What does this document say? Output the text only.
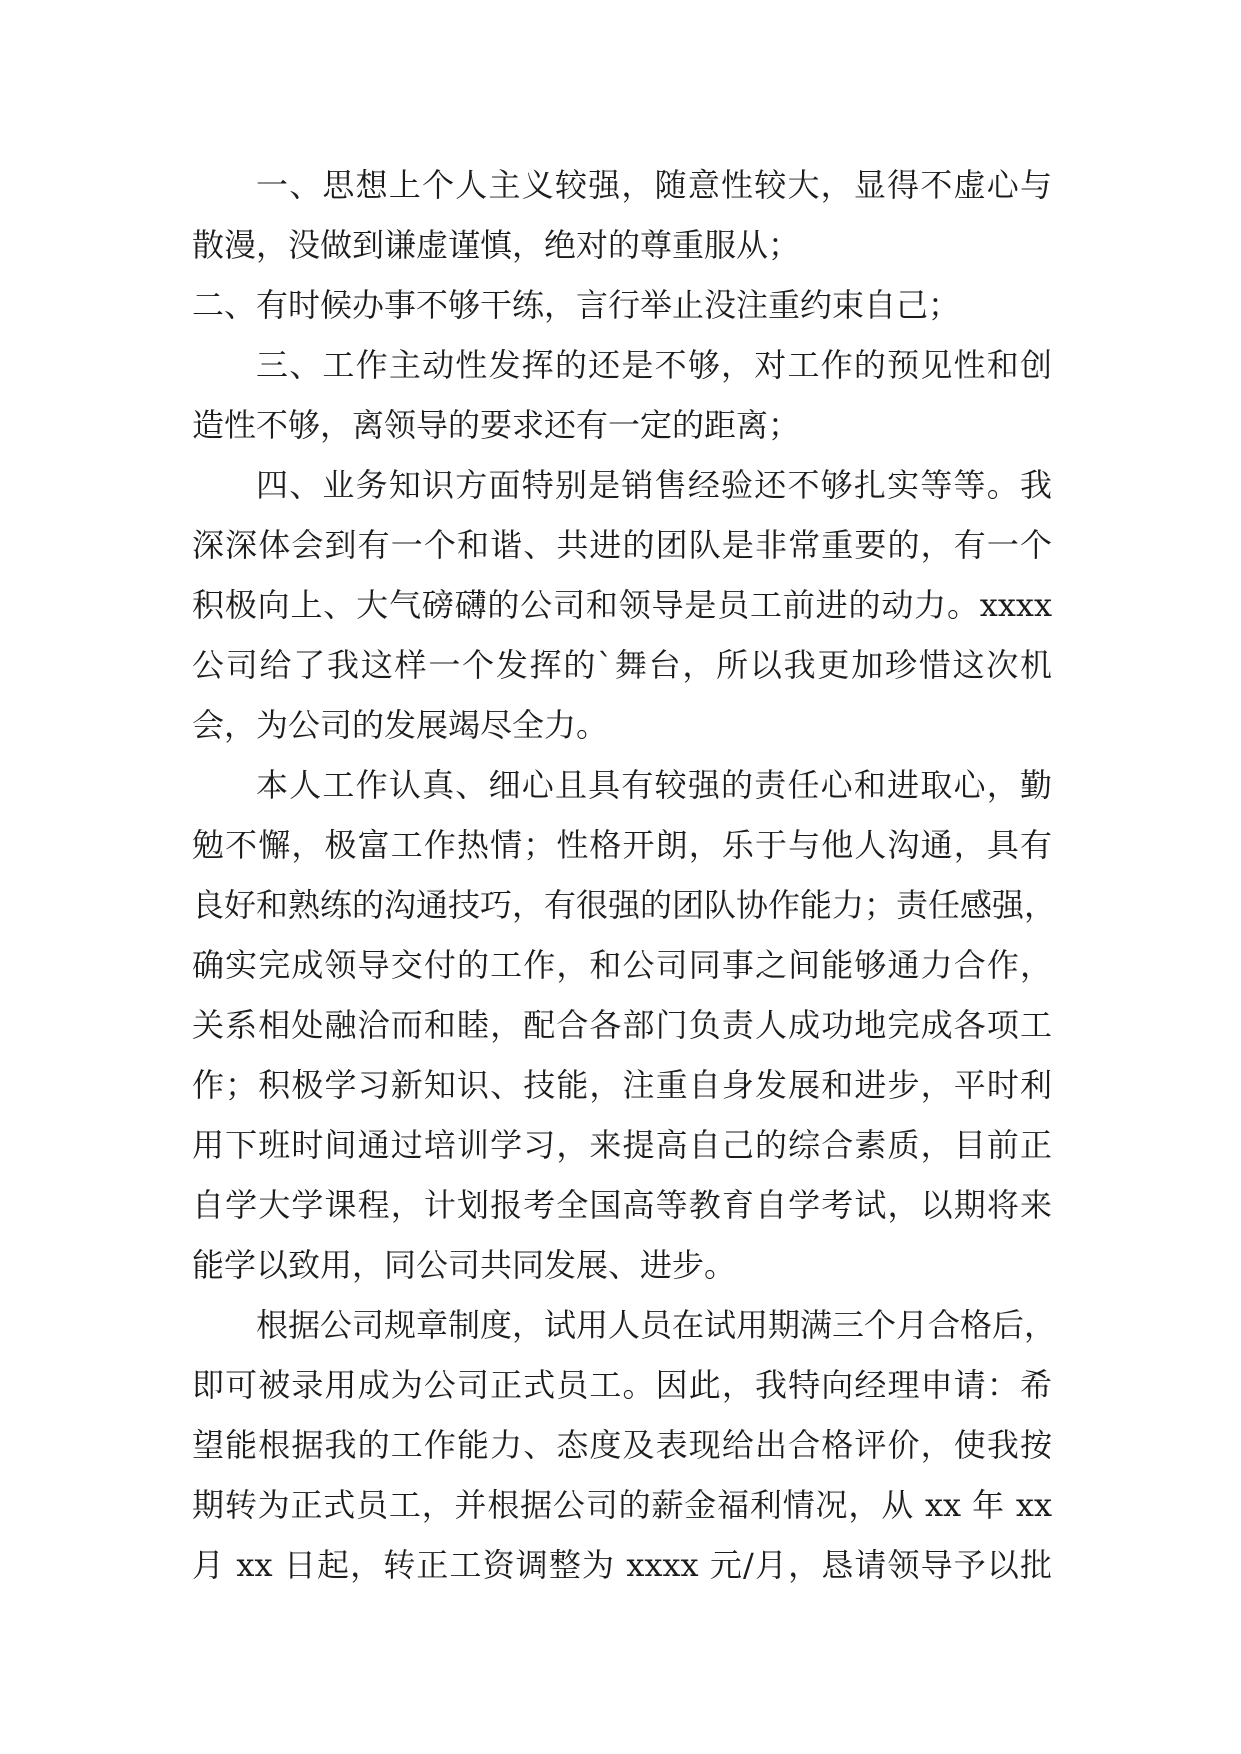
一、思想上个人主义较强，随意性较大，显得不虚心与
散漫，没做到谦虚谨慎，绝对的尊重服从；
二、有时候办事不够干练，言行举止没注重约束自己；
三、工作主动性发挥的还是不够，对工作的预见性和创
造性不够，离领导的要求还有一定的距离；
四、业务知识方面特别是销售经验还不够扎实等等。我
深深体会到有一个和谐、共进的团队是非常重要的，有一个
积极向上、大气磅礴的公司和领导是员工前进的动力。xxxx
公司给了我这样一个发挥的`舞台，所以我更加珍惜这次机
会，为公司的发展竭尽全力。
本人工作认真、细心且具有较强的责任心和进取心，勤
勉不懈，极富工作热情；性格开朗，乐于与他人沟通，具有
良好和熟练的沟通技巧，有很强的团队协作能力；责任感强，
确实完成领导交付的工作，和公司同事之间能够通力合作，
关系相处融洽而和睦，配合各部门负责人成功地完成各项工
作；积极学习新知识、技能，注重自身发展和进步，平时利
用下班时间通过培训学习，来提高自己的综合素质，目前正
自学大学课程，计划报考全国高等教育自学考试，以期将来
能学以致用，同公司共同发展、进步。
根据公司规章制度，试用人员在试用期满三个月合格后，
即可被录用成为公司正式员工。因此，我特向经理申请：希
望能根据我的工作能力、态度及表现给出合格评价，使我按
期转为正式员工，并根据公司的薪金福利情况，从 xx 年 xx
月 xx 日起，转正工资调整为 xxxx 元/月，恳请领导予以批
